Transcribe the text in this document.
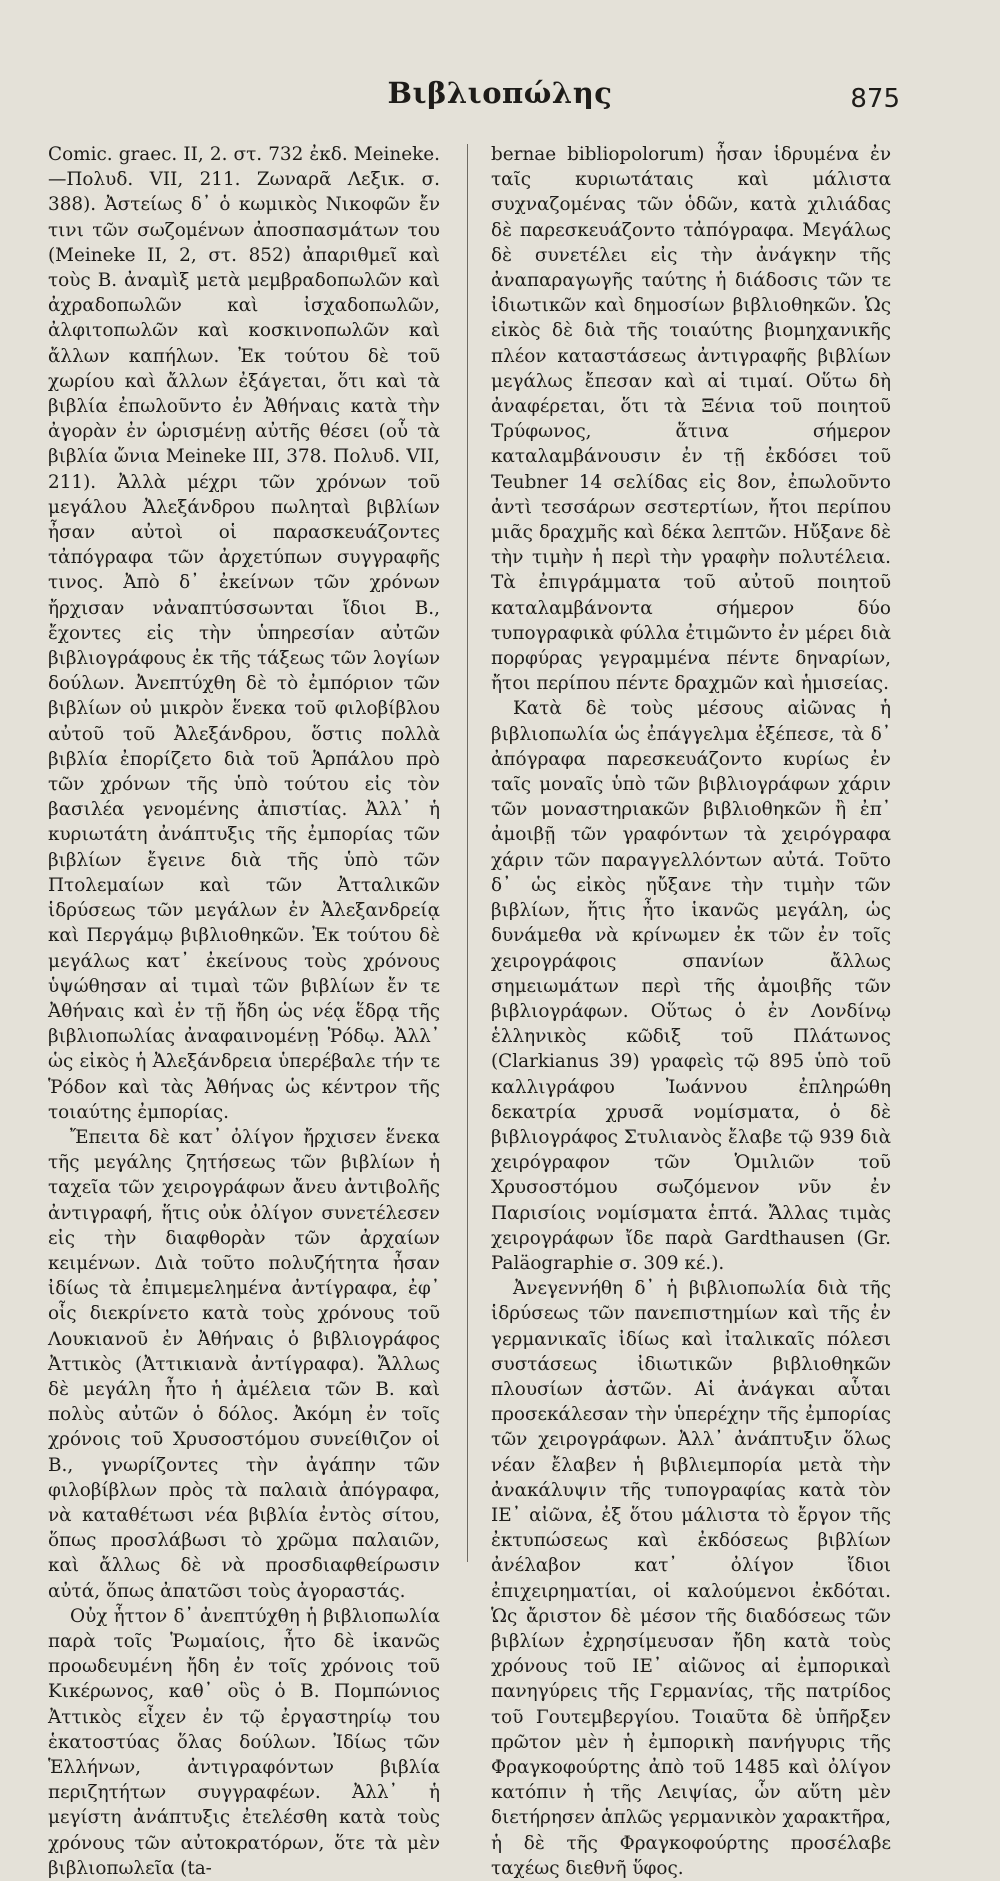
Βιβλιοπώλης	875

Comic. graec. II, 2. στ. 732 ἐκδ. Meineke.—Πολυδ. VII, 211. Ζωναρᾶ Λεξικ. σ. 388). Ἀστείως δ᾽ ὁ κωμικὸς Νικοφῶν ἔν τινι τῶν σωζομένων ἀποσπασμάτων του (Meineke II, 2, στ. 852) ἀπαριθμεῖ καὶ τοὺς Β. ἀναμὶξ μετὰ μεμβραδοπωλῶν καὶ ἀχραδοπωλῶν καὶ ἰσχαδοπωλῶν, ἀλφιτοπωλῶν καὶ κοσκινοπωλῶν καὶ ἄλλων καπήλων. Ἐκ τούτου δὲ τοῦ χωρίου καὶ ἄλλων ἐξάγεται, ὅτι καὶ τὰ βιβλία ἐπωλοῦντο ἐν Ἀθήναις κατὰ τὴν ἀγορὰν ἐν ὡρισμένῃ αὐτῆς θέσει (οὗ τὰ βιβλία ὤνια Meineke III, 378. Πολυδ. VII, 211). Ἀλλὰ μέχρι τῶν χρόνων τοῦ μεγάλου Ἀλεξάνδρου πωληταὶ βιβλίων ἦσαν αὐτοὶ οἱ παρασκευάζοντες τἀπόγραφα τῶν ἀρχετύπων συγγραφῆς τινος. Ἀπὸ δ᾽ ἐκείνων τῶν χρόνων ἤρχισαν νἀναπτύσσωνται ἴδιοι Β., ἔχοντες εἰς τὴν ὑπηρεσίαν αὐτῶν βιβλιογράφους ἐκ τῆς τάξεως τῶν λογίων δούλων. Ἀνεπτύχθη δὲ τὸ ἐμπόριον τῶν βιβλίων οὐ μικρὸν ἕνεκα τοῦ φιλοβίβλου αὐτοῦ τοῦ Ἀλεξάνδρου, ὅστις πολλὰ βιβλία ἐπορίζετο διὰ τοῦ Ἁρπάλου πρὸ τῶν χρόνων τῆς ὑπὸ τούτου εἰς τὸν βασιλέα γενομένης ἀπιστίας. Ἀλλ᾽ ἡ κυριωτάτη ἀνάπτυξις τῆς ἐμπορίας τῶν βιβλίων ἔγεινε διὰ τῆς ὑπὸ τῶν Πτολεμαίων καὶ τῶν Ἀτταλικῶν ἱδρύσεως τῶν μεγάλων ἐν Ἀλεξανδρείᾳ καὶ Περγάμῳ βιβλιοθηκῶν. Ἐκ τούτου δὲ μεγάλως κατ᾽ ἐκείνους τοὺς χρόνους ὑψώθησαν αἱ τιμαὶ τῶν βιβλίων ἔν τε Ἀθήναις καὶ ἐν τῇ ἤδη ὡς νέᾳ ἕδρᾳ τῆς βιβλιοπωλίας ἀναφαινομένῃ Ῥόδῳ. Ἀλλ᾽ ὡς εἰκὸς ἡ Ἀλεξάνδρεια ὑπερέβαλε τήν τε Ῥόδον καὶ τὰς Ἀθήνας ὡς κέντρον τῆς τοιαύτης ἐμπορίας.

Ἔπειτα δὲ κατ᾽ ὀλίγον ἤρχισεν ἕνεκα τῆς μεγάλης ζητήσεως τῶν βιβλίων ἡ ταχεῖα τῶν χειρογράφων ἄνευ ἀντιβολῆς ἀντιγραφή, ἥτις οὐκ ὀλίγον συνετέλεσεν εἰς τὴν διαφθορὰν τῶν ἀρχαίων κειμένων. Διὰ τοῦτο πολυζήτητα ἦσαν ἰδίως τὰ ἐπιμεμελημένα ἀντίγραφα, ἐφ᾽ οἷς διεκρίνετο κατὰ τοὺς χρόνους τοῦ Λουκιανοῦ ἐν Ἀθήναις ὁ βιβλιογράφος Ἀττικὸς (Ἀττικιανὰ ἀντίγραφα). Ἄλλως δὲ μεγάλη ἦτο ἡ ἀμέλεια τῶν Β. καὶ πολὺς αὐτῶν ὁ δόλος. Ἀκόμη ἐν τοῖς χρόνοις τοῦ Χρυσοστόμου συνείθιζον οἱ Β., γνωρίζοντες τὴν ἀγάπην τῶν φιλοβίβλων πρὸς τὰ παλαιὰ ἀπόγραφα, νὰ καταθέτωσι νέα βιβλία ἐντὸς σίτου, ὅπως προσλάβωσι τὸ χρῶμα παλαιῶν, καὶ ἄλλως δὲ νὰ προσδιαφθείρωσιν αὐτά, ὅπως ἀπατῶσι τοὺς ἀγοραστάς.

Οὐχ ἧττον δ᾽ ἀνεπτύχθη ἡ βιβλιοπωλία παρὰ τοῖς Ῥωμαίοις, ἦτο δὲ ἱκανῶς προωδευμένη ἤδη ἐν τοῖς χρόνοις τοῦ Κικέρωνος, καθ᾽ οὓς ὁ Β. Πομπώνιος Ἀττικὸς εἶχεν ἐν τῷ ἐργαστηρίῳ του ἑκατοστύας ὅλας δούλων. Ἰδίως τῶν Ἑλλήνων, ἀντιγραφόντων βιβλία περιζητήτων συγγραφέων. Ἀλλ᾽ ἡ μεγίστη ἀνάπτυξις ἐτελέσθη κατὰ τοὺς χρόνους τῶν αὐτοκρατόρων, ὅτε τὰ μὲν βιβλιοπωλεῖα (ta-

bernae bibliopolorum) ἦσαν ἱδρυμένα ἐν ταῖς κυριωτάταις καὶ μάλιστα συχναζομένας τῶν ὁδῶν, κατὰ χιλιάδας δὲ παρεσκευάζοντο τἀπόγραφα. Μεγάλως δὲ συνετέλει εἰς τὴν ἀνάγκην τῆς ἀναπαραγωγῆς ταύτης ἡ διάδοσις τῶν τε ἰδιωτικῶν καὶ δημοσίων βιβλιοθηκῶν. Ὡς εἰκὸς δὲ διὰ τῆς τοιαύτης βιομηχανικῆς πλέον καταστάσεως ἀντιγραφῆς βιβλίων μεγάλως ἔπεσαν καὶ αἱ τιμαί. Οὕτω δὴ ἀναφέρεται, ὅτι τὰ Ξένια τοῦ ποιητοῦ Τρύφωνος, ἅτινα σήμερον καταλαμβάνουσιν ἐν τῇ ἐκδόσει τοῦ Teubner 14 σελίδας εἰς 8ον, ἐπωλοῦντο ἀντὶ τεσσάρων σεστερτίων, ἤτοι περίπου μιᾶς δραχμῆς καὶ δέκα λεπτῶν. Ηὔξανε δὲ τὴν τιμὴν ἡ περὶ τὴν γραφὴν πολυτέλεια. Τὰ ἐπιγράμματα τοῦ αὐτοῦ ποιητοῦ καταλαμβάνοντα σήμερον δύο τυπογραφικὰ φύλλα ἐτιμῶντο ἐν μέρει διὰ πορφύρας γεγραμμένα πέντε δηναρίων, ἤτοι περίπου πέντε δραχμῶν καὶ ἡμισείας.

Κατὰ δὲ τοὺς μέσους αἰῶνας ἡ βιβλιοπωλία ὡς ἐπάγγελμα ἐξέπεσε, τὰ δ᾽ ἀπόγραφα παρεσκευάζοντο κυρίως ἐν ταῖς μοναῖς ὑπὸ τῶν βιβλιογράφων χάριν τῶν μοναστηριακῶν βιβλιοθηκῶν ἢ ἐπ᾽ ἀμοιβῇ τῶν γραφόντων τὰ χειρόγραφα χάριν τῶν παραγγελλόντων αὐτά. Τοῦτο δ᾽ ὡς εἰκὸς ηὔξανε τὴν τιμὴν τῶν βιβλίων, ἥτις ἦτο ἱκανῶς μεγάλη, ὡς δυνάμεθα νὰ κρίνωμεν ἐκ τῶν ἐν τοῖς χειρογράφοις σπανίων ἄλλως σημειωμάτων περὶ τῆς ἀμοιβῆς τῶν βιβλιογράφων. Οὕτως ὁ ἐν Λονδίνῳ ἑλληνικὸς κῶδιξ τοῦ Πλάτωνος (Clarkianus 39) γραφεὶς τῷ 895 ὑπὸ τοῦ καλλιγράφου Ἰωάννου ἐπληρώθη δεκατρία χρυσᾶ νομίσματα, ὁ δὲ βιβλιογράφος Στυλιανὸς ἔλαβε τῷ 939 διὰ χειρόγραφον τῶν Ὁμιλιῶν τοῦ Χρυσοστόμου σωζόμενον νῦν ἐν Παρισίοις νομίσματα ἑπτά. Ἄλλας τιμὰς χειρογράφων ἴδε παρὰ Gardthausen (Gr. Paläographie σ. 309 κέ.).

Ἀνεγεννήθη δ᾽ ἡ βιβλιοπωλία διὰ τῆς ἱδρύσεως τῶν πανεπιστημίων καὶ τῆς ἐν γερμανικαῖς ἰδίως καὶ ἰταλικαῖς πόλεσι συστάσεως ἰδιωτικῶν βιβλιοθηκῶν πλουσίων ἀστῶν. Αἱ ἀνάγκαι αὗται προσεκάλεσαν τὴν ὑπερέχην τῆς ἐμπορίας τῶν χειρογράφων. Ἀλλ᾽ ἀνάπτυξιν ὅλως νέαν ἔλαβεν ἡ βιβλιεμπορία μετὰ τὴν ἀνακάλυψιν τῆς τυπογραφίας κατὰ τὸν ΙΕ᾽ αἰῶνα, ἐξ ὅτου μάλιστα τὸ ἔργον τῆς ἐκτυπώσεως καὶ ἐκδόσεως βιβλίων ἀνέλαβον κατ᾽ ὀλίγον ἴδιοι ἐπιχειρηματίαι, οἱ καλούμενοι ἐκδόται. Ὡς ἄριστον δὲ μέσον τῆς διαδόσεως τῶν βιβλίων ἐχρησίμευσαν ἤδη κατὰ τοὺς χρόνους τοῦ ΙΕ᾽ αἰῶνος αἱ ἐμπορικαὶ πανηγύρεις τῆς Γερμανίας, τῆς πατρίδος τοῦ Γουτεμβεργίου. Τοιαῦτα δὲ ὑπῆρξεν πρῶτον μὲν ἡ ἐμπορικὴ πανήγυρις τῆς Φραγκοφούρτης ἀπὸ τοῦ 1485 καὶ ὀλίγον κατόπιν ἡ τῆς Λειψίας, ὧν αὕτη μὲν διετήρησεν ἁπλῶς γερμανικὸν χαρακτῆρα, ἡ δὲ τῆς Φραγκοφούρτης προσέλαβε ταχέως διεθνῆ ὕφος.
